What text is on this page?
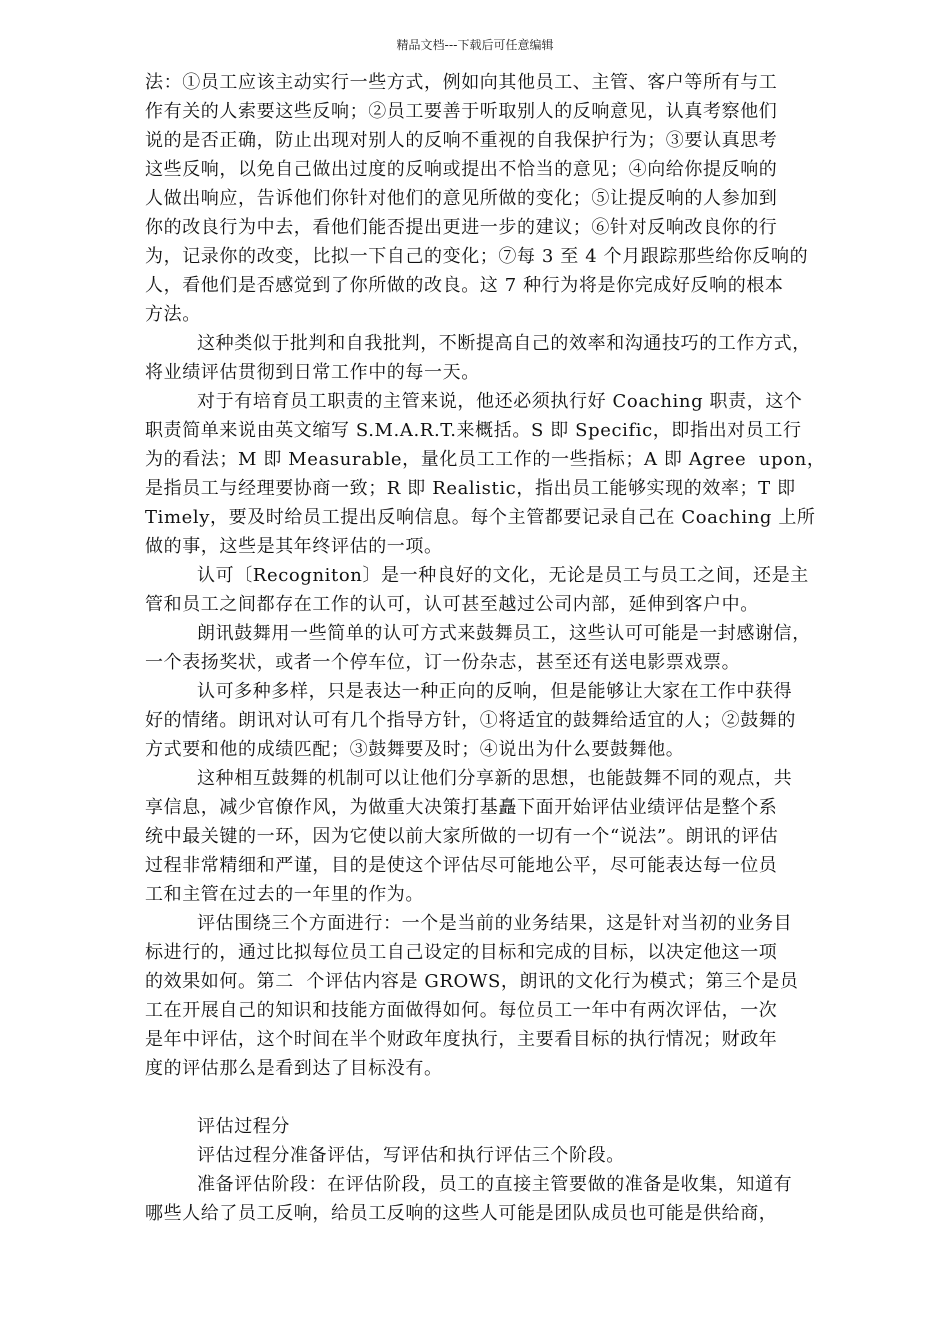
精品文档---下载后可任意编辑
法：①员工应该主动实行一些方式，例如向其他员工、主管、客户等所有与工
作有关的人索要这些反响；②员工要善于听取别人的反响意见，认真考察他们
说的是否正确，防止出现对别人的反响不重视的自我保护行为；③要认真思考
这些反响，以免自己做出过度的反响或提出不恰当的意见；④向给你提反响的
人做出响应，告诉他们你针对他们的意见所做的变化；⑤让提反响的人参加到
你的改良行为中去，看他们能否提出更进一步的建议；⑥针对反响改良你的行
为，记录你的改变，比拟一下自己的变化；⑦每 3 至 4 个月跟踪那些给你反响的
人，看他们是否感觉到了你所做的改良。这 7 种行为将是你完成好反响的根本
方法。
这种类似于批判和自我批判，不断提高自己的效率和沟通技巧的工作方式，
将业绩评估贯彻到日常工作中的每一天。
对于有培育员工职责的主管来说，他还必须执行好 Coaching 职责，这个
职责简单来说由英文缩写 S.M.A.R.T.来概括。S 即 Specific，即指出对员工行
为的看法；M 即 Measurable，量化员工工作的一些指标；A 即 Agree  upon，
是指员工与经理要协商一致；R 即 Realistic，指出员工能够实现的效率；T 即
Timely，要及时给员工提出反响信息。每个主管都要记录自己在 Coaching 上所
做的事，这些是其年终评估的一项。
认可〔Recogniton〕是一种良好的文化，无论是员工与员工之间，还是主
管和员工之间都存在工作的认可，认可甚至越过公司内部，延伸到客户中。
朗讯鼓舞用一些简单的认可方式来鼓舞员工，这些认可可能是一封感谢信，
一个表扬奖状，或者一个停车位，订一份杂志，甚至还有送电影票戏票。
认可多种多样，只是表达一种正向的反响，但是能够让大家在工作中获得
好的情绪。朗讯对认可有几个指导方针，①将适宜的鼓舞给适宜的人；②鼓舞的
方式要和他的成绩匹配；③鼓舞要及时；④说出为什么要鼓舞他。
这种相互鼓舞的机制可以让他们分享新的思想，也能鼓舞不同的观点，共
享信息，减少官僚作风，为做重大决策打基矗下面开始评估业绩评估是整个系
统中最关键的一环，因为它使以前大家所做的一切有一个“说法”。朗讯的评估
过程非常精细和严谨，目的是使这个评估尽可能地公平，尽可能表达每一位员
工和主管在过去的一年里的作为。
评估围绕三个方面进行：一个是当前的业务结果，这是针对当初的业务目
标进行的，通过比拟每位员工自己设定的目标和完成的目标，以决定他这一项
的效果如何。第二  个评估内容是 GROWS，朗讯的文化行为模式；第三个是员
工在开展自己的知识和技能方面做得如何。每位员工一年中有两次评估，一次
是年中评估，这个时间在半个财政年度执行，主要看目标的执行情况；财政年
度的评估那么是看到达了目标没有。
评估过程分
评估过程分准备评估，写评估和执行评估三个阶段。
准备评估阶段：在评估阶段，员工的直接主管要做的准备是收集，知道有
哪些人给了员工反响，给员工反响的这些人可能是团队成员也可能是供给商，
